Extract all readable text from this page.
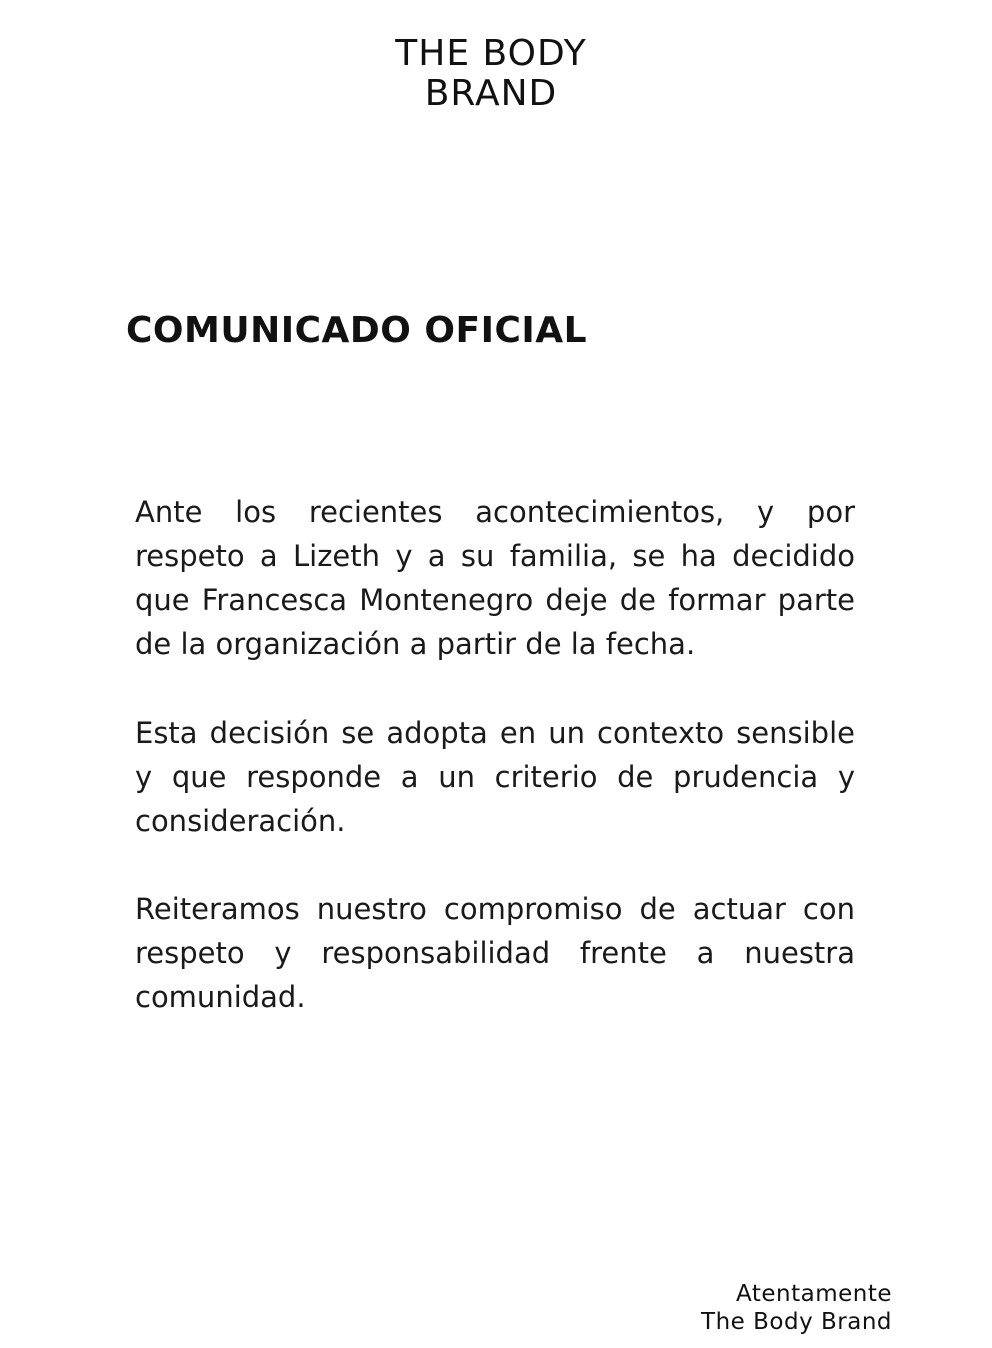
THE BODY
BRAND
COMUNICADO OFICIAL

Ante los recientes acontecimientos, y por respeto a Lizeth y a su familia, se ha decidido que Francesca Montenegro deje de formar parte de la organización a partir de la fecha.

Esta decisión se adopta en un contexto sensible y que responde a un criterio de prudencia y consideración.

Reiteramos nuestro compromiso de actuar con respeto y responsabilidad frente a nuestra comunidad.

Atentamente
The Body Brand
